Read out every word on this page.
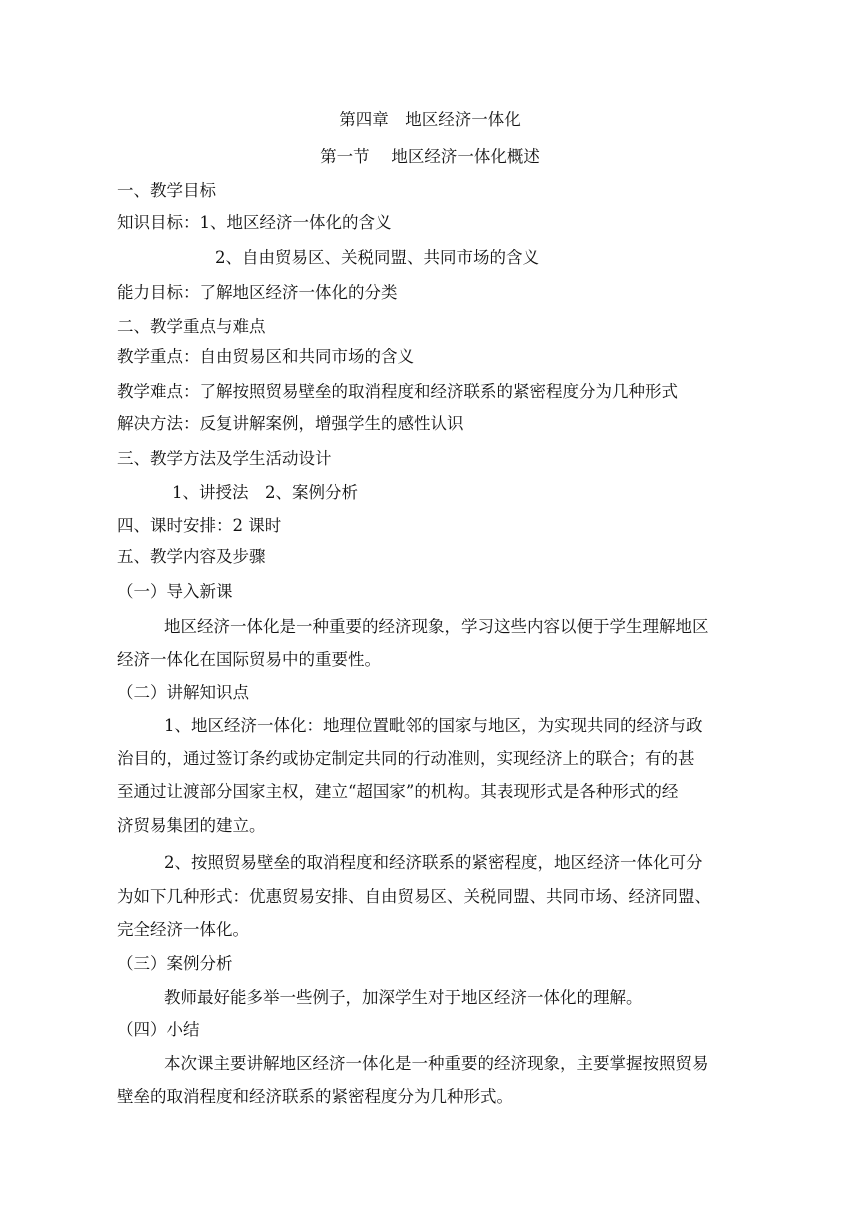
第四章　地区经济一体化
第一节　 地区经济一体化概述
一、教学目标
知识目标：1、地区经济一体化的含义
2、自由贸易区、关税同盟、共同市场的含义
能力目标：了解地区经济一体化的分类
二、教学重点与难点
教学重点：自由贸易区和共同市场的含义
教学难点：了解按照贸易壁垒的取消程度和经济联系的紧密程度分为几种形式
解决方法：反复讲解案例，增强学生的感性认识
三、教学方法及学生活动设计
1、讲授法　2、案例分析
四、课时安排：2 课时
五、教学内容及步骤
（一）导入新课
地区经济一体化是一种重要的经济现象，学习这些内容以便于学生理解地区
经济一体化在国际贸易中的重要性。
（二）讲解知识点
1、地区经济一体化：地理位置毗邻的国家与地区，为实现共同的经济与政
治目的，通过签订条约或协定制定共同的行动准则，实现经济上的联合；有的甚
至通过让渡部分国家主权，建立“超国家”的机构。其表现形式是各种形式的经
济贸易集团的建立。
2、按照贸易壁垒的取消程度和经济联系的紧密程度，地区经济一体化可分
为如下几种形式：优惠贸易安排、自由贸易区、关税同盟、共同市场、经济同盟、
完全经济一体化。
（三）案例分析
教师最好能多举一些例子，加深学生对于地区经济一体化的理解。
（四）小结
本次课主要讲解地区经济一体化是一种重要的经济现象，主要掌握按照贸易
壁垒的取消程度和经济联系的紧密程度分为几种形式。
